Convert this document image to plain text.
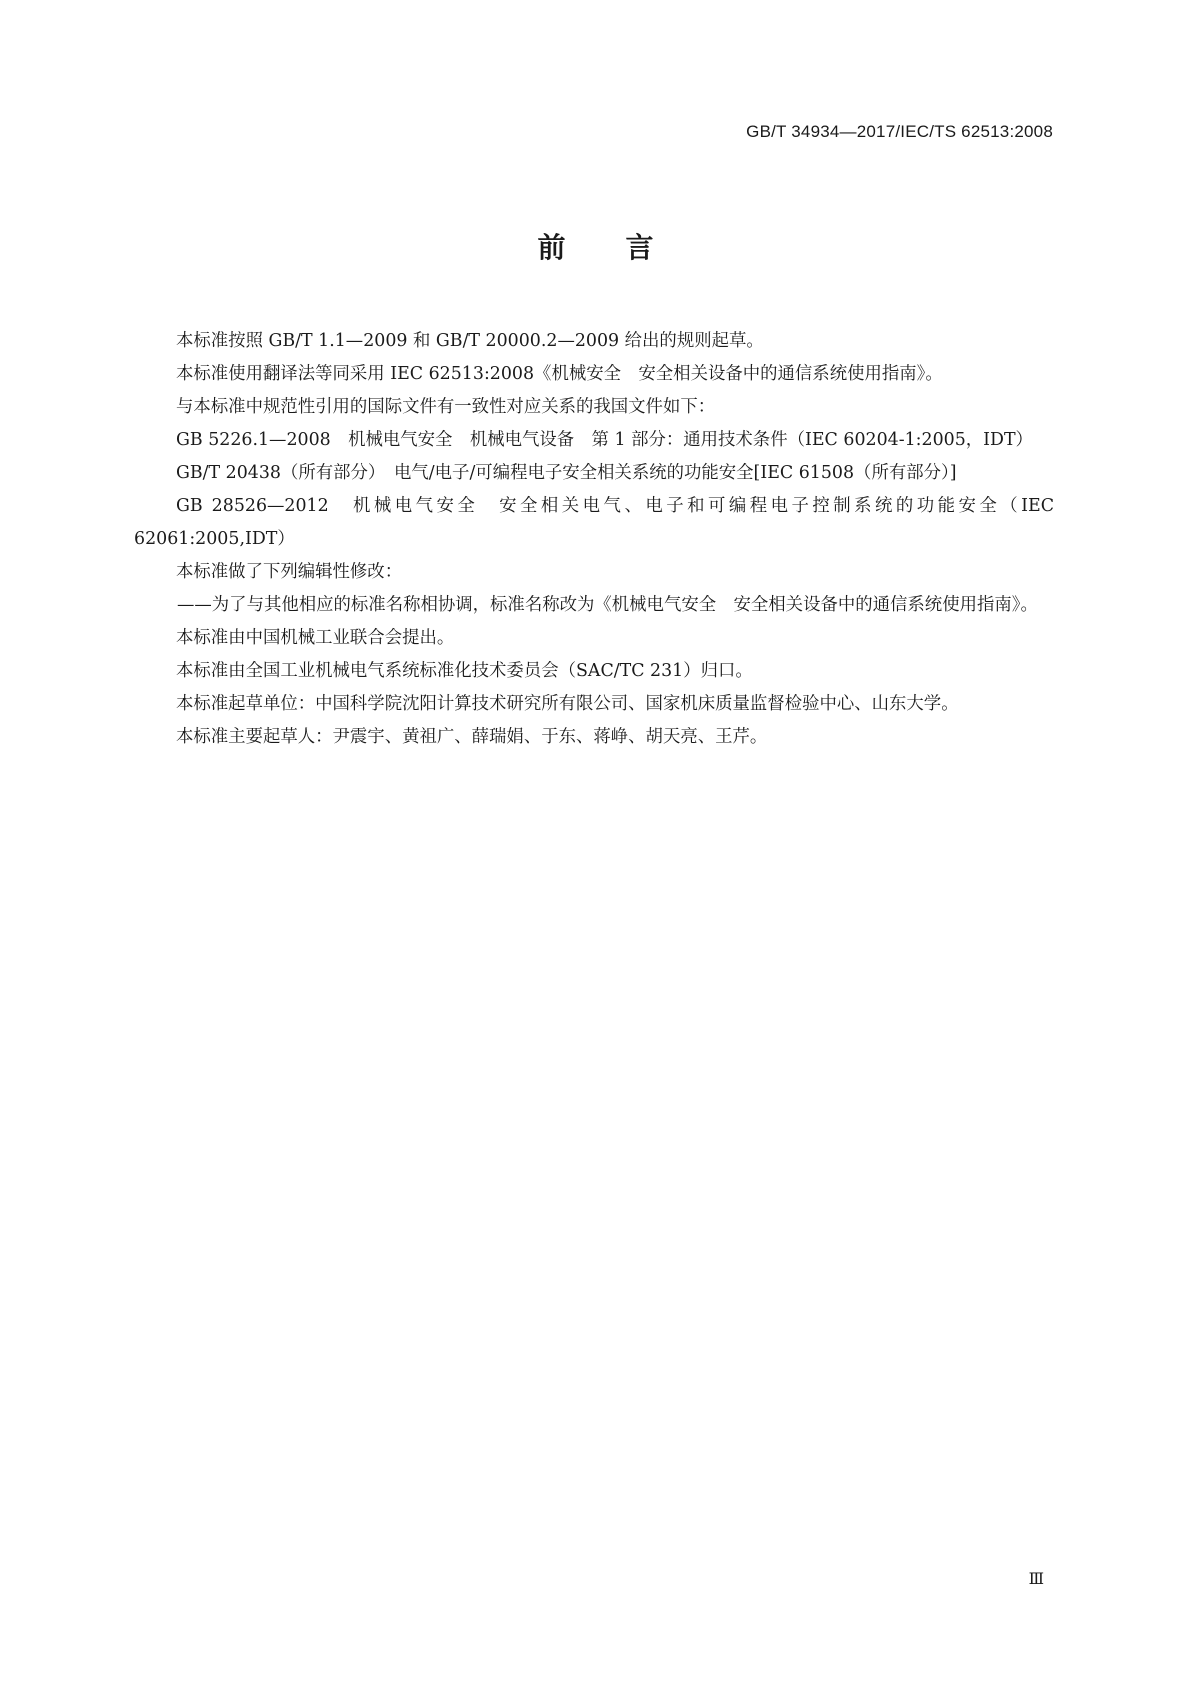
GB/T 34934—2017/IEC/TS 62513:2008
前言

本标准按照 GB/T 1.1—2009 和 GB/T 20000.2—2009 给出的规则起草。

本标准使用翻译法等同采用 IEC 62513:2008《机械安全　安全相关设备中的通信系统使用指南》。

与本标准中规范性引用的国际文件有一致性对应关系的我国文件如下：

GB 5226.1—2008　机械电气安全　机械电气设备　第 1 部分：通用技术条件（IEC 60204-1:2005，IDT）

GB/T 20438（所有部分）　电气/电子/可编程电子安全相关系统的功能安全[IEC 61508（所有部分）]

GB 28526—2012　机械电气安全　安全相关电气、电子和可编程电子控制系统的功能安全（IEC 62061:2005,IDT）

本标准做了下列编辑性修改：

——为了与其他相应的标准名称相协调，标准名称改为《机械电气安全　安全相关设备中的通信系统使用指南》。

本标准由中国机械工业联合会提出。

本标准由全国工业机械电气系统标准化技术委员会（SAC/TC 231）归口。

本标准起草单位：中国科学院沈阳计算技术研究所有限公司、国家机床质量监督检验中心、山东大学。

本标准主要起草人：尹震宇、黄祖广、薛瑞娟、于东、蒋峥、胡天亮、王芹。

Ⅲ
